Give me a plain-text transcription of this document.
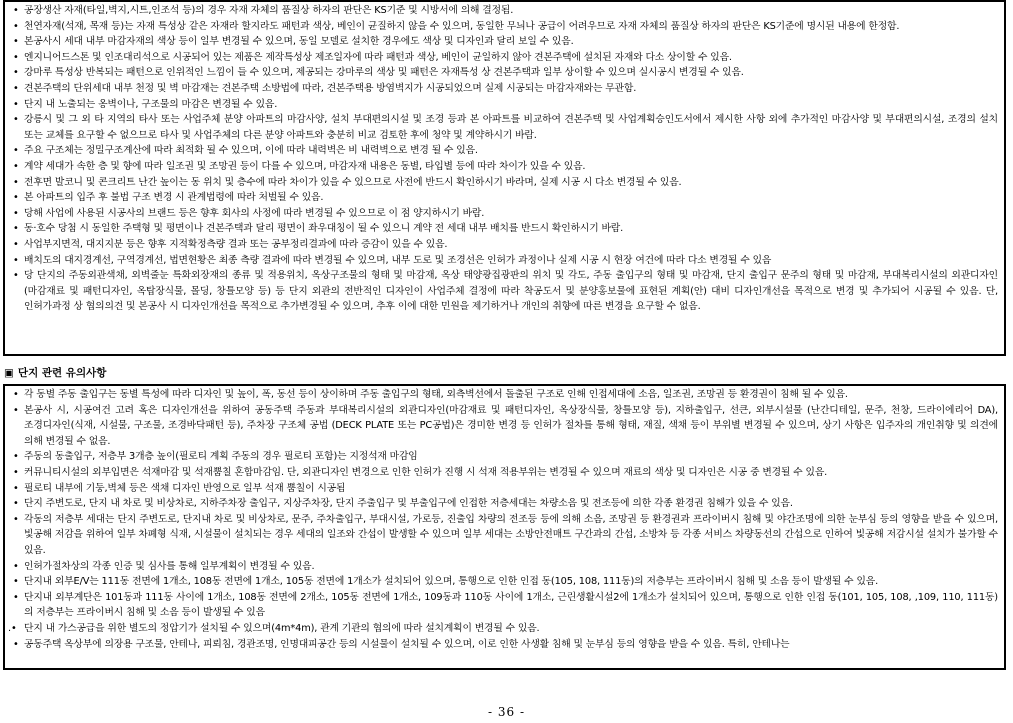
• 공장생산 자재(타일,벽지,시트,인조석 등)의 경우 자재 자체의 품질상 하자의 판단은 KS기준 및 시방서에 의해 결정됨.
• 천연자재(석재, 목재 등)는 자재 특성상 같은 자재라 할지라도 패턴과 색상, 베인이 균질하지 않을 수 있으며, 동일한 무늬나 공급이 어려우므로 자재 자체의 품질상 하자의 판단은 KS기준에 명시된 내용에 한정함.
• 본공사시 세대 내부 마감자재의 색상 등이 일부 변경될 수 있으며, 동일 모델로 설치한 경우에도 색상 및 디자인과 달리 보일 수 있음.
• 엔지니어드스톤 및 인조대리석으로 시공되어 있는 제품은 제작특성상 제조일자에 따라 패턴과 색상, 베인이 균일하지 않아 견본주택에 설치된 자재와 다소 상이할 수 있음.
• 강마루 특성상 반복되는 패턴으로 인위적인 느낌이 들 수 있으며, 제공되는 강마루의 색상 및 패턴은 자재특성 상 견본주택과 일부 상이할 수 있으며 실시공시 변경될 수 있음.
• 견본주택의 단위세대 내부 천정 및 벽 마감재는 견본주택 소방법에 따라, 견본주택용 방염벽지가 시공되었으며 실제 시공되는 마감자재와는 무관함.
• 단지 내 노출되는 옹벽이나, 구조물의 마감은 변경될 수 있음.
• 강릉시 및 그 외 타 지역의 타사 또는 사업주체 분양 아파트의 마감사양, 설치 부대편의시설 및 조경 등과 본 아파트를 비교하여 견본주택 및 사업계획승인도서에서 제시한 사항 외에 추가적인 마감사양 및 부대편의시설, 조경의 설치 또는 교체를 요구할 수 없으므로 타사 및 사업주체의 다른 분양 아파트와 충분히 비교 검토한 후에 청약 및 계약하시기 바람.
• 주요 구조체는 정밀구조계산에 따라 최적화 될 수 있으며, 이에 따라 내력벽은 비 내력벽으로 변경 될 수 있음.
• 계약 세대가 속한 층 및 향에 따라 일조권 및 조망권 등이 다를 수 있으며, 마감자재 내용은 동별, 타입별 등에 따라 차이가 있을 수 있음.
• 전후면 발코니 및 콘크리트 난간 높이는 동 위치 및 층수에 따라 차이가 있을 수 있으므로 사전에 반드시 확인하시기 바라며, 실제 시공 시 다소 변경될 수 있음.
• 본 아파트의 입주 후 불법 구조 변경 시 관계법령에 따라 처벌될 수 있음.
• 당해 사업에 사용된 시공사의 브랜드 등은 향후 회사의 사정에 따라 변경될 수 있으므로 이 점 양지하시기 바람.
• 동·호수 당첨 시 동일한 주택형 및 평면이나 견본주택과 달리 평면이 좌우대칭이 될 수 있으니 계약 전 세대 내부 배치를 반드시 확인하시기 바람.
• 사업부지면적, 대지지분 등은 향후 지적확정측량 결과 또는 공부정리결과에 따라 증감이 있을 수 있음.
• 배치도의 대지경계선, 구역경계선, 법면현황은 최종 측량 결과에 따라 변경될 수 있으며, 내부 도로 및 조경선은 인허가 과정이나 실제 시공 시 현장 여건에 따라 다소 변경될 수 있음
• 당 단지의 주동외관색채, 외벽줄눈 특화외장재의 종류 및 적용위치, 옥상구조물의 형태 및 마감재, 옥상 태양광집광판의 위치 및 각도, 주동 출입구의 형태 및 마감재, 단지 출입구 문주의 형태 및 마감재, 부대복리시설의 외관디자인(마감재료 및 패턴디자인, 옥탑장식물, 몰딩, 창틀모양 등) 등 단지 외관의 전반적인 디자인이 사업주체 결정에 따라 착공도서 및 분양홍보물에 표현된 계획(안) 대비 디자인개선을 목적으로 변경 및 추가되어 시공될 수 있음. 단, 인허가과정 상 협의의견 및 본공사 시 디자인개선을 목적으로 추가변경될 수 있으며, 추후 이에 대한 민원을 제기하거나 개인의 취향에 따른 변경을 요구할 수 없음.
▣ 단지 관련 유의사항
• 각 동별 주동 출입구는 동별 특성에 따라 디자인 및 높이, 폭, 동선 등이 상이하며 주동 출입구의 형태, 외측벽선에서 돌출된 구조로 인해 인접세대에 소음, 일조권, 조망권 등 환경권이 침해 될 수 있음.
• 본공사 시, 시공여건 고려 혹은 디자인개선을 위하여 공동주택 주동과 부대복리시설의 외관디자인(마감재료 및 패턴디자인, 옥상장식물, 창틀모양 등), 지하출입구, 선큰, 외부시설물 (난간디테일, 문주, 천창, 드라이에리어 DA), 조경디자인(식재, 시설물, 구조물, 조경바닥패턴 등), 주차장 구조체 공법 (DECK PLATE 또는 PC공법)은 경미한 변경 등 인허가 절차를 통해 형태, 재질, 색채 등이 부위별 변경될 수 있으며, 상기 사항은 입주자의 개인취향 및 의견에 의해 변경될 수 없음.
• 주동의 동출입구, 저층부 3개층 높이(필로티 계획 주동의 경우 필로티 포함)는 지정석재 마감임
• 커뮤니티시설의 외부입면은 석재마감 및 석재뿜칠 혼합마감임. 단, 외관디자인 변경으로 인한 인허가 진행 시 석재 적용부위는 변경될 수 있으며 재료의 색상 및 디자인은 시공 중 변경될 수 있음.
• 필로티 내부에 기둥,벽체 등은 색채 디자인 반영으로 일부 석재 뿜칠이 시공됨
• 단지 주변도로, 단지 내 차로 및 비상차로, 지하주차장 출입구, 지상주차장, 단지 주출입구 및 부출입구에 인접한 저층세대는 차량소음 및 전조등에 의한 각종 환경권 침해가 있을 수 있음.
• 각동의 저층부 세대는 단지 주변도로, 단지내 차로 및 비상차로, 문주, 주차출입구, 부대시설, 가로등, 진출입 차량의 전조등 등에 의해 소음, 조망권 등 환경권과 프라이버시 침해 및 야간조명에 의한 눈부심 등의 영향을 받을 수 있으며, 빛공해 저감을 위하여 일부 차폐형 식재, 시설물이 설치되는 경우 세대의 일조와 간섭이 발생할 수 있으며 일부 세대는 소방안전매트 구간과의 간섭, 소방차 등 각종 서비스 차량동선의 간섭으로 인하여 빛공해 저감시설 설치가 불가할 수 있음.
• 인허가절차상의 각종 인증 및 심사를 통해 일부계획이 변경될 수 있음.
• 단지내 외부E/V는 111동 전면에 1개소, 108동 전면에 1개소, 105동 전면에 1개소가 설치되어 있으며, 통행으로 인한 인접 동(105, 108, 111동)의 저층부는 프라이버시 침해 및 소음 등이 발생될 수 있음.
• 단지내 외부계단은 101동과 111동 사이에 1개소, 108동 전면에 2개소, 105동 전면에 1개소, 109동과 110동 사이에 1개소, 근린생활시설2에 1개소가 설치되어 있으며, 통행으로 인한 인접 동(101, 105, 108, ,109, 110, 111동)의 저층부는 프라이버시 침해 및 소음 등이 발생될 수 있음
.• 단지 내 가스공급을 위한 별도의 정압기가 설치될 수 있으며(4m*4m), 관계 기관의 협의에 따라 설치계획이 변경될 수 있음.
• 공동주택 옥상부에 의장용 구조물, 안테나, 피뢰침, 경관조명, 인명대피공간 등의 시설물이 설치될 수 있으며, 이로 인한 사생활 침해 및 눈부심 등의 영향을 받을 수 있음. 특히, 안테나는
- 36 -
